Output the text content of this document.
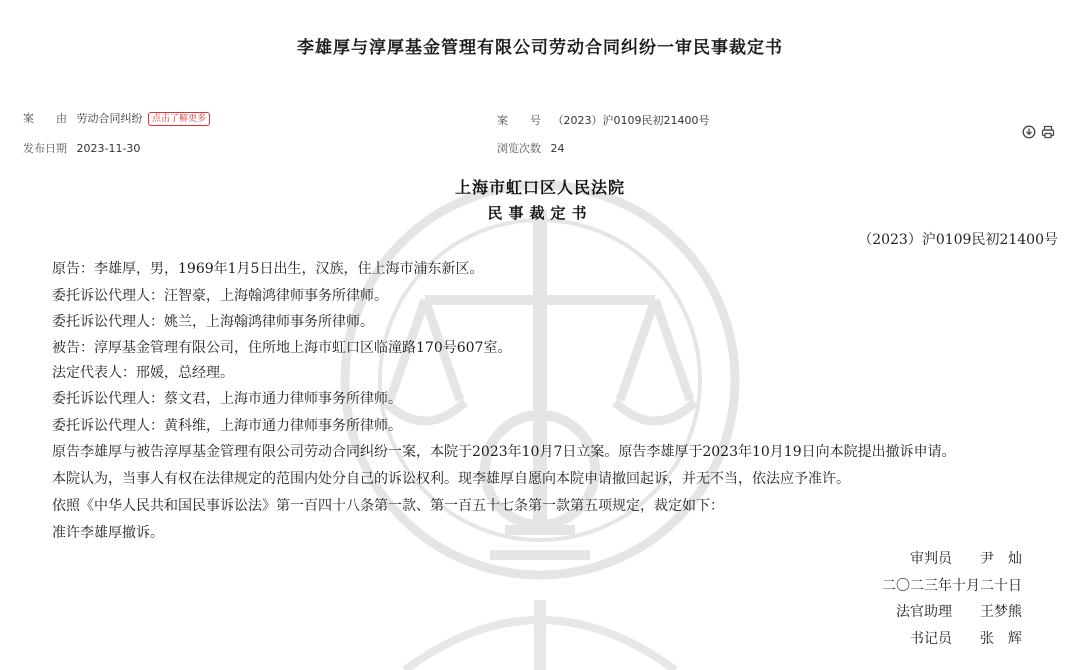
李雄厚与淳厚基金管理有限公司劳动合同纠纷一审民事裁定书
案　　由 劳动合同纠纷 点击了解更多	案　　号 （2023）沪0109民初21400号
发布日期 2023-11-30	浏览次数 24
上海市虹口区人民法院
民事裁定书
（2023）沪0109民初21400号
原告：李雄厚，男，1969年1月5日出生，汉族，住上海市浦东新区。
委托诉讼代理人：汪智豪，上海翰鸿律师事务所律师。
委托诉讼代理人：姚兰，上海翰鸿律师事务所律师。
被告：淳厚基金管理有限公司，住所地上海市虹口区临潼路170号607室。
法定代表人：邢媛，总经理。
委托诉讼代理人：蔡文君，上海市通力律师事务所律师。
委托诉讼代理人：黄科维，上海市通力律师事务所律师。
原告李雄厚与被告淳厚基金管理有限公司劳动合同纠纷一案，本院于2023年10月7日立案。原告李雄厚于2023年10月19日向本院提出撤诉申请。
本院认为，当事人有权在法律规定的范围内处分自己的诉讼权利。现李雄厚自愿向本院申请撤回起诉，并无不当，依法应予准许。
依照《中华人民共和国民事诉讼法》第一百四十八条第一款、第一百五十七条第一款第五项规定，裁定如下：
准许李雄厚撤诉。
审判员　　尹　灿
二〇二三年十月二十日
法官助理　　王梦熊
书记员　　张　辉
